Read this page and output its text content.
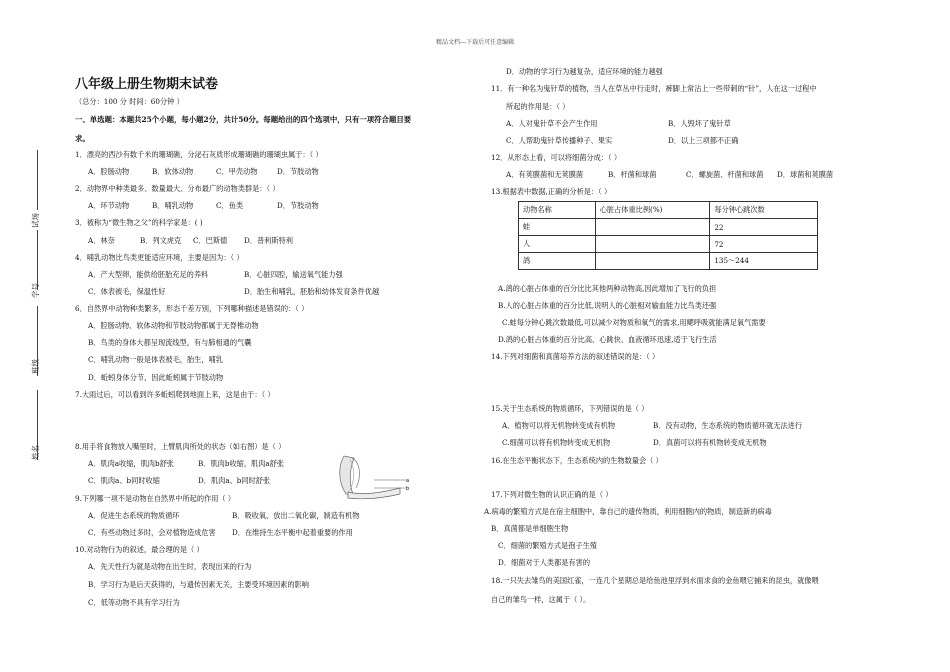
精品文档---下载后可任意编辑
试场
学号
班级
姓名
八年级上册生物期末试卷
（总分：100 分 时间：60分钟 ）
一、单选题：本题共25个小题，每小题2分，共计50分。每题给出的四个选项中，只有一项符合题目要
求。
1．漂亮的西沙有数千米的珊瑚礁，分泌石灰质形成珊瑚礁的珊瑚虫属于：（ ）
A．腔肠动物	B．软体动物	C．甲壳动物	D．节肢动物
2．动物界中种类最多、数量最大、分布最广的动物类群是：（ ）
A．环节动物	B．哺乳动物	C．鱼类	D．节肢动物
3．被称为“微生物之父”的科学家是：( )
A．林奈	B．列文虎克 C．巴斯德 D．普利斯特利
4．哺乳动物比鸟类更能适应环境，主要是因为：（ ）
A．产大型卵，能供给胚胎充足的养料	B．心脏四腔，输送氧气能力强
C．体表被毛，保温性好	D．胎生和哺乳，胚胎和幼体发育条件优越
6．自然界中动物种类繁多，形态千差万别，下列哪种描述是错误的：（ ）
A．腔肠动物、软体动物和节肢动物都属于无脊椎动物
B．鸟类的身体大都呈现流线型，有与肺相通的气囊
C．哺乳动物一般是体表被毛，胎生，哺乳
D．蚯蚓身体分节，因此蚯蚓属于节肢动物
7.大雨过后，可以看到许多蚯蚓爬到地面上来，这是由于：（ ）
8.用手将食物放入嘴里时，上臂肌肉所处的状态（如右图）是（ ）
A．肌肉a收缩，肌肉b舒张	B．肌肉b收缩，肌肉a舒张
C．肌肉a、b同时收缩	D．肌肉a、b同时舒张	a
b
9.下列哪一项不是动物在自然界中所起的作用（ ）
A．促进生态系统的物质循环	B．吸收氧、放出二氧化碳，制造有机物
C．有些动物过多时，会对植物造成危害 D．在维持生态平衡中起着重要的作用
10.对动物行为的叙述，最合理的是（ ）
A．先天性行为就是动物在出生时，表现出来的行为
B．学习行为是后天获得的，与遗传因素无关，主要受环境因素的影响
C．低等动物不具有学习行为
D．动物的学习行为越复杂，适应环境的能力越强
11．有一种名为鬼针草的植物，当人在草丛中行走时，裤脚上常沾上一些带刺的“针”，人在这一过程中
所起的作用是：（ ）
A．人对鬼针草不会产生作用	B．人毁坏了鬼针草
C．人帮助鬼针草传播种子、果实	D．以上三项都不正确
12．从形态上看，可以将细菌分成：（ ）
A．有荚膜菌和无荚膜菌	B．杆菌和球菌	C．螺旋菌、杆菌和球菌 D．球菌和荚膜菌
13.根据表中数据,正确的分析是：（ ）
动物名称	心脏占体重比例(%)	每分钟心跳次数
蛙		22
人		72
鸽		135～244
A.鸽的心脏占体重的百分比比其他两种动物高,因此增加了飞行的负担
B.人的心脏占体重的百分比低,说明人的心脏相对输血能力比鸟类还强
C.蛙每分钟心跳次数最低,可以减少对物质和氧气的需求,用鳃呼吸就能满足氧气需要
D.鸽的心脏占体重的百分比高、心跳快、血液循环迅速,适于飞行生活
14.下列对细菌和真菌培养方法的叙述错误的是：（ ）
15.关于生态系统的物质循环，下列错误的是（ ）
A．植物可以将无机物转变成有机物	B．没有动物，生态系统的物质循环就无法进行
C.细菌可以将有机物转变成无机物	D．真菌可以将有机物转变成无机物
16.在生态平衡状态下，生态系统内的生物数量会（ ）
17.下列对微生物的认识正确的是（ ）
A.病毒的繁殖方式是在宿主细胞中，靠自己的遗传物质，利用细胞内的物质，制造新的病毒
B．真菌都是单细胞生物
C．细菌的繁殖方式是孢子生殖
D．细菌对于人类都是有害的
18.一只失去雏鸟的美国红雀，一连几个星期总是给鱼池里浮到水面求食的金鱼喂它捕来的昆虫，就像喂
自己的雏鸟一样，这属于（ ）。
